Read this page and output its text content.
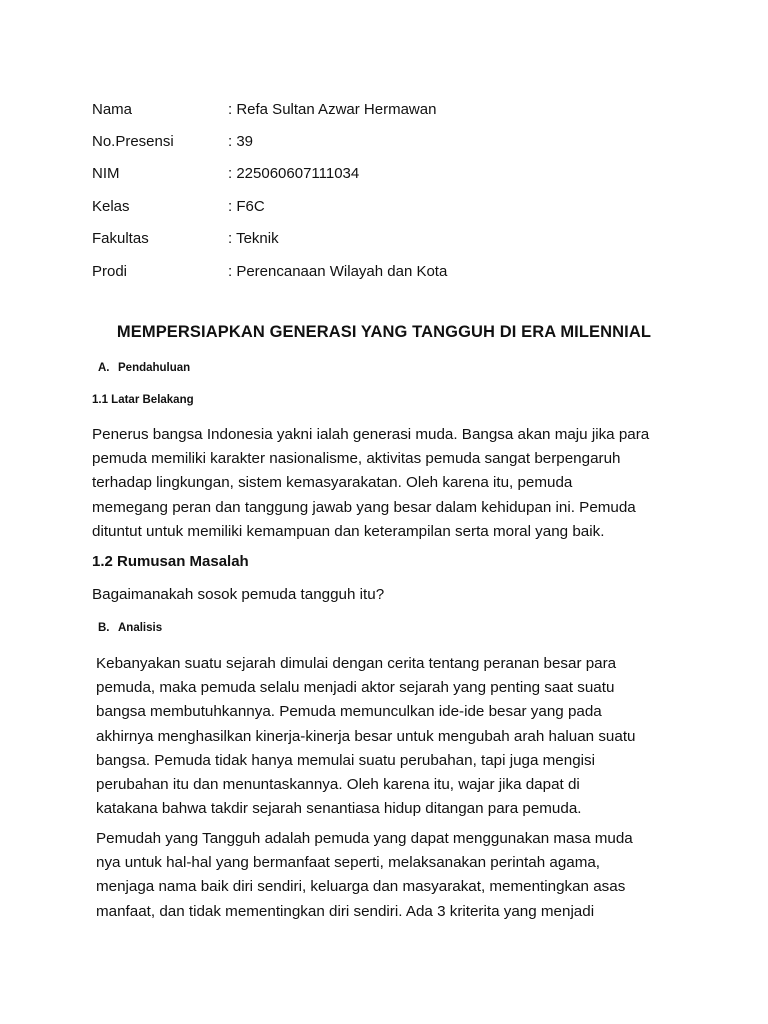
Nama	: Refa Sultan Azwar Hermawan
No.Presensi	: 39
NIM	: 225060607111034
Kelas	: F6C
Fakultas	: Teknik
Prodi	: Perencanaan Wilayah dan Kota
MEMPERSIAPKAN GENERASI YANG TANGGUH DI ERA MILENNIAL
A. Pendahuluan
1.1 Latar Belakang
Penerus bangsa Indonesia yakni ialah generasi muda. Bangsa akan maju jika para
pemuda memiliki karakter nasionalisme, aktivitas pemuda sangat berpengaruh
terhadap lingkungan, sistem kemasyarakatan. Oleh karena itu, pemuda
memegang peran dan tanggung jawab yang besar dalam kehidupan ini. Pemuda
dituntut untuk memiliki kemampuan dan keterampilan serta moral yang baik.
1.2 Rumusan Masalah
Bagaimanakah sosok pemuda tangguh itu?
B. Analisis
Kebanyakan suatu sejarah dimulai dengan cerita tentang peranan besar para
pemuda, maka pemuda selalu menjadi aktor sejarah yang penting saat suatu
bangsa membutuhkannya. Pemuda memunculkan ide-ide besar yang pada
akhirnya menghasilkan kinerja-kinerja besar untuk mengubah arah haluan suatu
bangsa. Pemuda tidak hanya memulai suatu perubahan, tapi juga mengisi
perubahan itu dan menuntaskannya. Oleh karena itu, wajar jika dapat di
katakana bahwa takdir sejarah senantiasa hidup ditangan para pemuda.
Pemudah yang Tangguh adalah pemuda yang dapat menggunakan masa muda
nya untuk hal-hal yang bermanfaat seperti, melaksanakan perintah agama,
menjaga nama baik diri sendiri, keluarga dan masyarakat, mementingkan asas
manfaat, dan tidak mementingkan diri sendiri. Ada 3 kriterita yang menjadi
